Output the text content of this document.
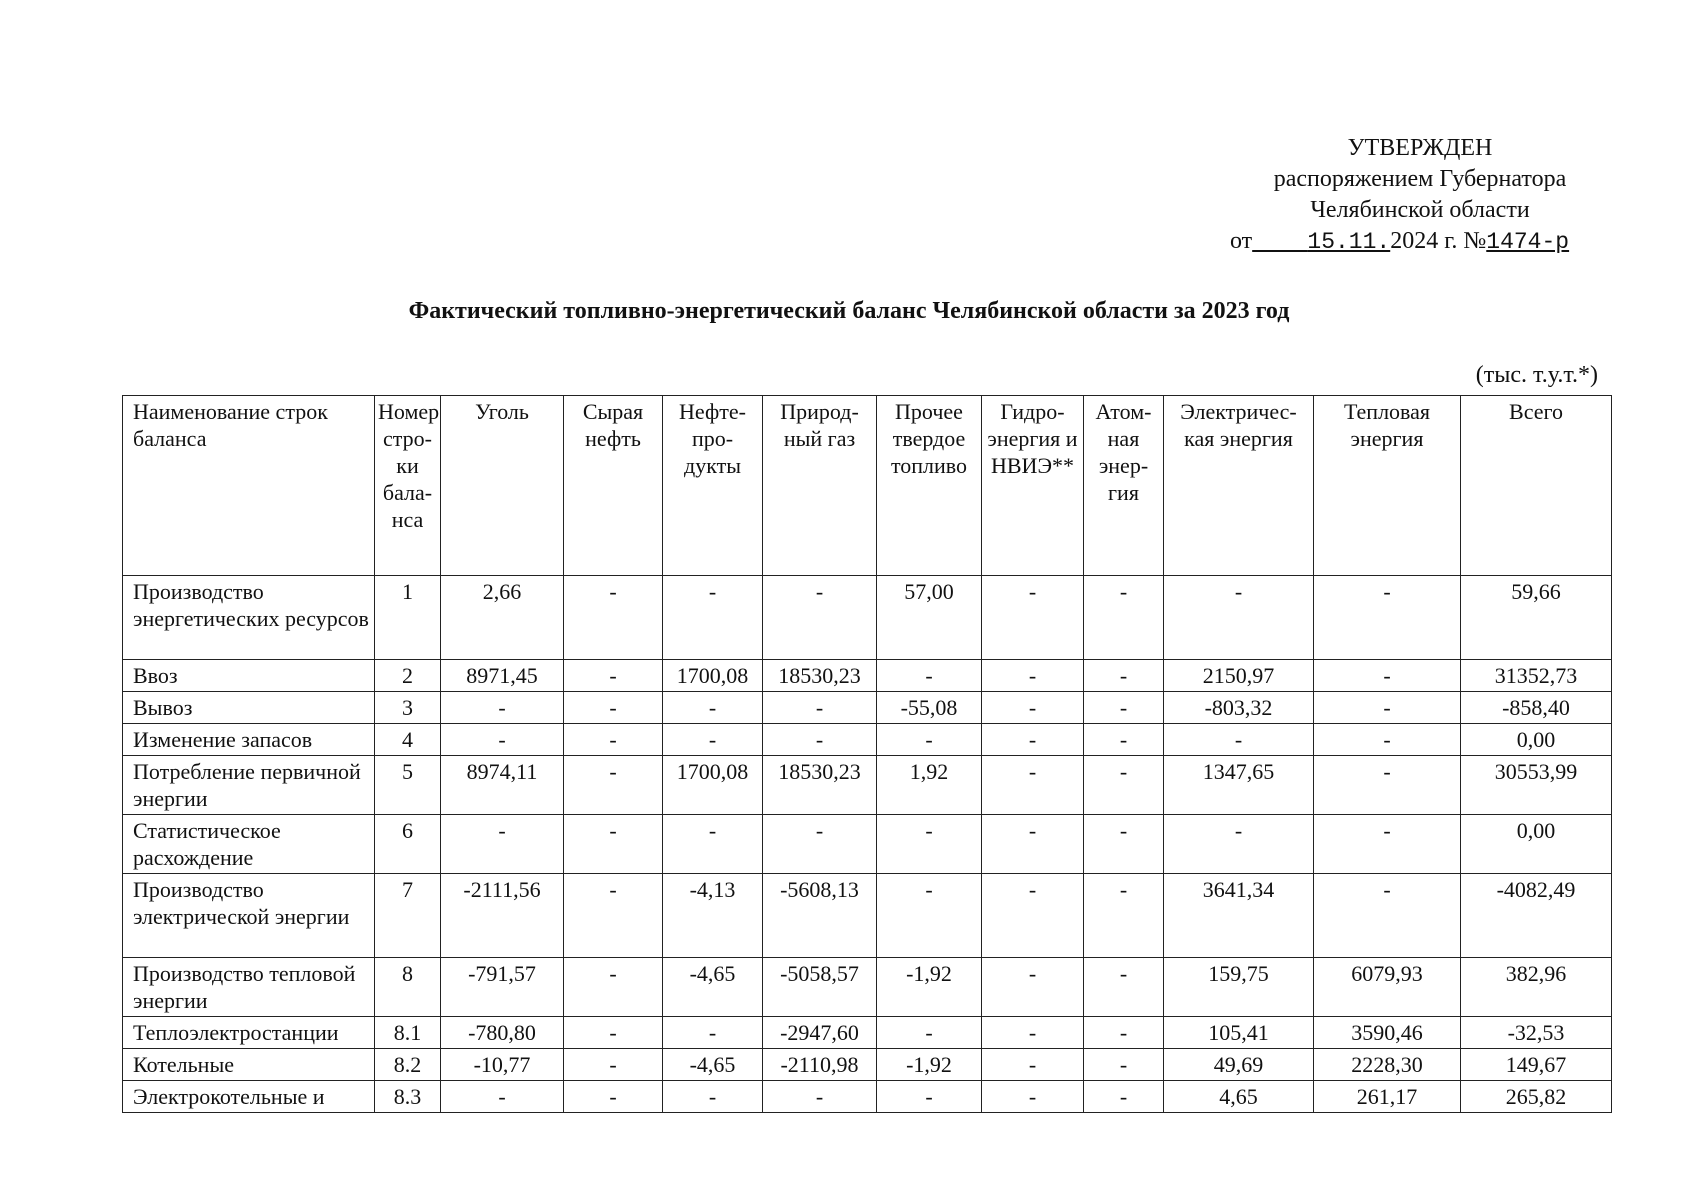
УТВЕРЖДЕН
распоряжением Губернатора
Челябинской области
от 15.11.2024 г. №1474-р
Фактический топливно-энергетический баланс Челябинской области за 2023 год
(тыс. т.у.т.*)
Наименование строк баланса	Номер стро-ки бала-нса	Уголь	Сырая нефть	Нефте-про-дукты	Природ-ный газ	Прочее твердое топливо	Гидро-энергия и НВИЭ**	Атом-ная энер-гия	Электричес-кая энергия	Тепловая энергия	Всего
Производство энергетических ресурсов	1	2,66	-	-	-	57,00	-	-	-	-	59,66
Ввоз	2	8971,45	-	1700,08	18530,23	-	-	-	2150,97	-	31352,73
Вывоз	3	-	-	-	-	-55,08	-	-	-803,32	-	-858,40
Изменение запасов	4	-	-	-	-	-	-	-	-	-	0,00
Потребление первичной энергии	5	8974,11	-	1700,08	18530,23	1,92	-	-	1347,65	-	30553,99
Статистическое расхождение	6	-	-	-	-	-	-	-	-	-	0,00
Производство электрической энергии	7	-2111,56	-	-4,13	-5608,13	-	-	-	3641,34	-	-4082,49
Производство тепловой энергии	8	-791,57	-	-4,65	-5058,57	-1,92	-	-	159,75	6079,93	382,96
Теплоэлектростанции	8.1	-780,80	-	-	-2947,60	-	-	-	105,41	3590,46	-32,53
Котельные	8.2	-10,77	-	-4,65	-2110,98	-1,92	-	-	49,69	2228,30	149,67
Электрокотельные и	8.3	-	-	-	-	-	-	-	4,65	261,17	265,82
